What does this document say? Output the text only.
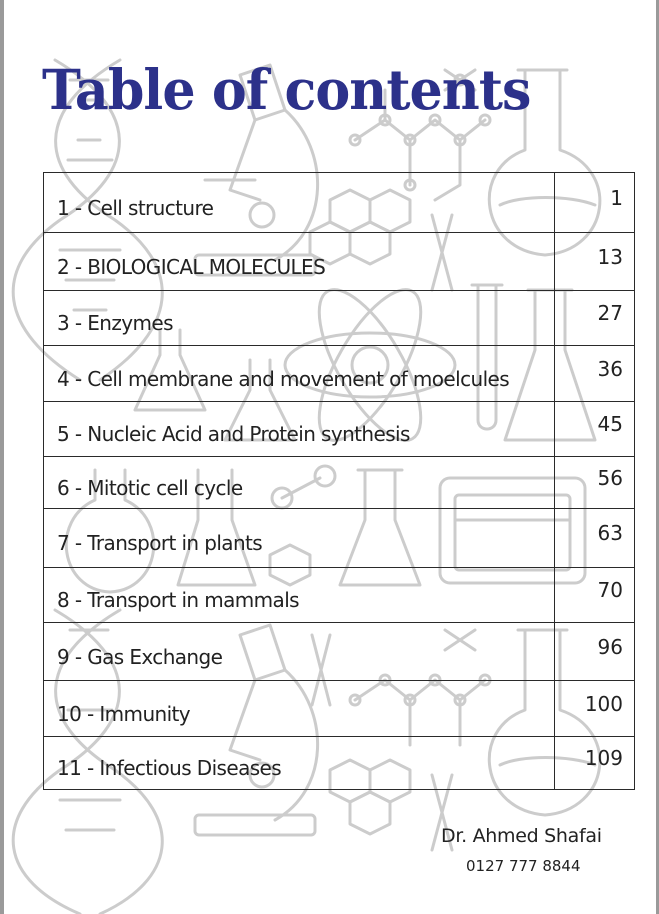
Table of contents
1 - Cell structure	1
2 - BIOLOGICAL MOLECULES	13
3 - Enzymes	27
4 - Cell membrane and movement of moelcules	36
5 - Nucleic Acid and Protein synthesis	45
6 - Mitotic cell cycle	56
7 - Transport in plants	63
8 - Transport in mammals	70
9 - Gas Exchange	96
10 - Immunity	100
11 - Infectious Diseases	109
Dr. Ahmed Shafai
0127 777 8844
